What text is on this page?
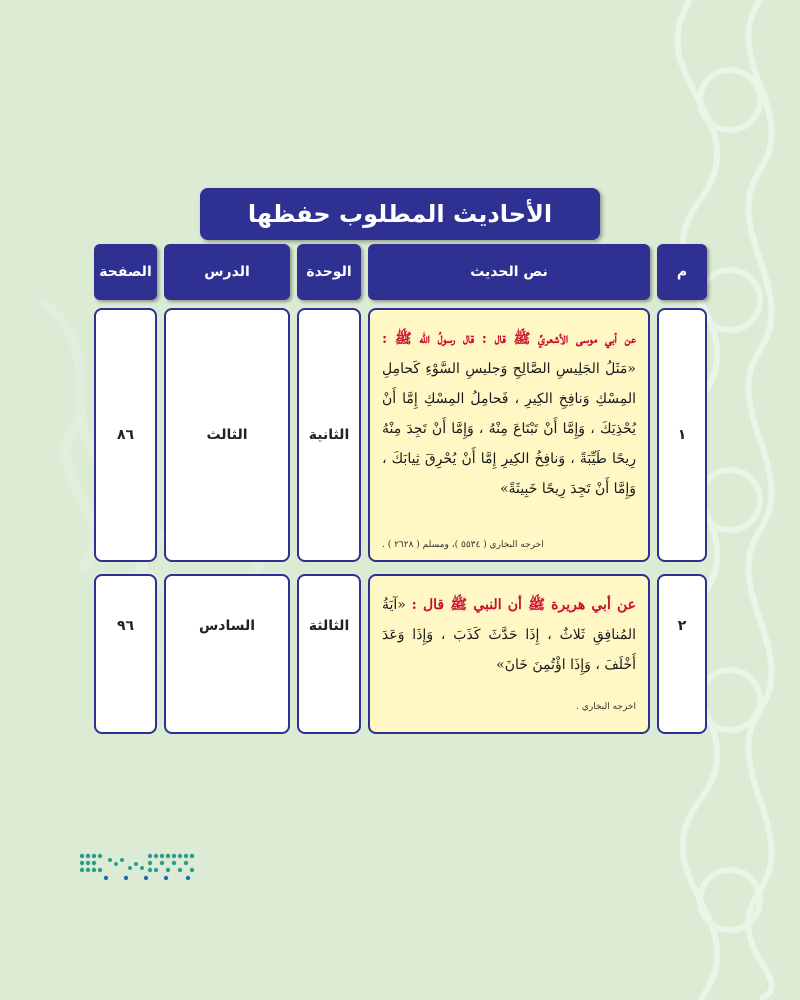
الأحاديث المطلوب حفظها
م
نص الحديث
الوحدة
الدرس
الصفحة
١

عن أبي موسى الأشعريِّ ﷺ قال : قال رسولُ الله ﷺ : «مَثَلُ الجَلِيسِ الصَّالِحِ وَجليسِ السَّوْءِ كَحامِلِ المِسْكِ وَنافِخِ الكِيرِ ، فَحامِلُ المِسْكِ إِمَّا أَنْ يُحْذِيَكَ ، وَإِمَّا أَنْ تَبْتَاعَ مِنْهُ ، وَإِمَّا أَنْ تَجِدَ مِنْهُ رِيحًا طَيِّبَةً ، وَنافِخُ الكِيرِ إِمَّا أَنْ يُحْرِقَ ثِيابَكَ ، وَإِمَّا أَنْ تَجِدَ رِيحًا خَبِيثَةً»

اخرجه البخاري ( ٥٥٣٤ )، ومسلم ( ٢٦٢٨ ) .
الثانية
الثالث
٨٦
٢

عن أبي هريرة ﷺ أن النبي ﷺ قال : «آيَةُ المُنافِقِ ثَلاثٌ ، إِذَا حَدَّثَ كَذَبَ ، وَإِذَا وَعَدَ أَخْلَفَ ، وَإِذَا اؤْتُمِنَ خَانَ»

اخرجه البخاري .
الثالثة
السادس
٩٦
